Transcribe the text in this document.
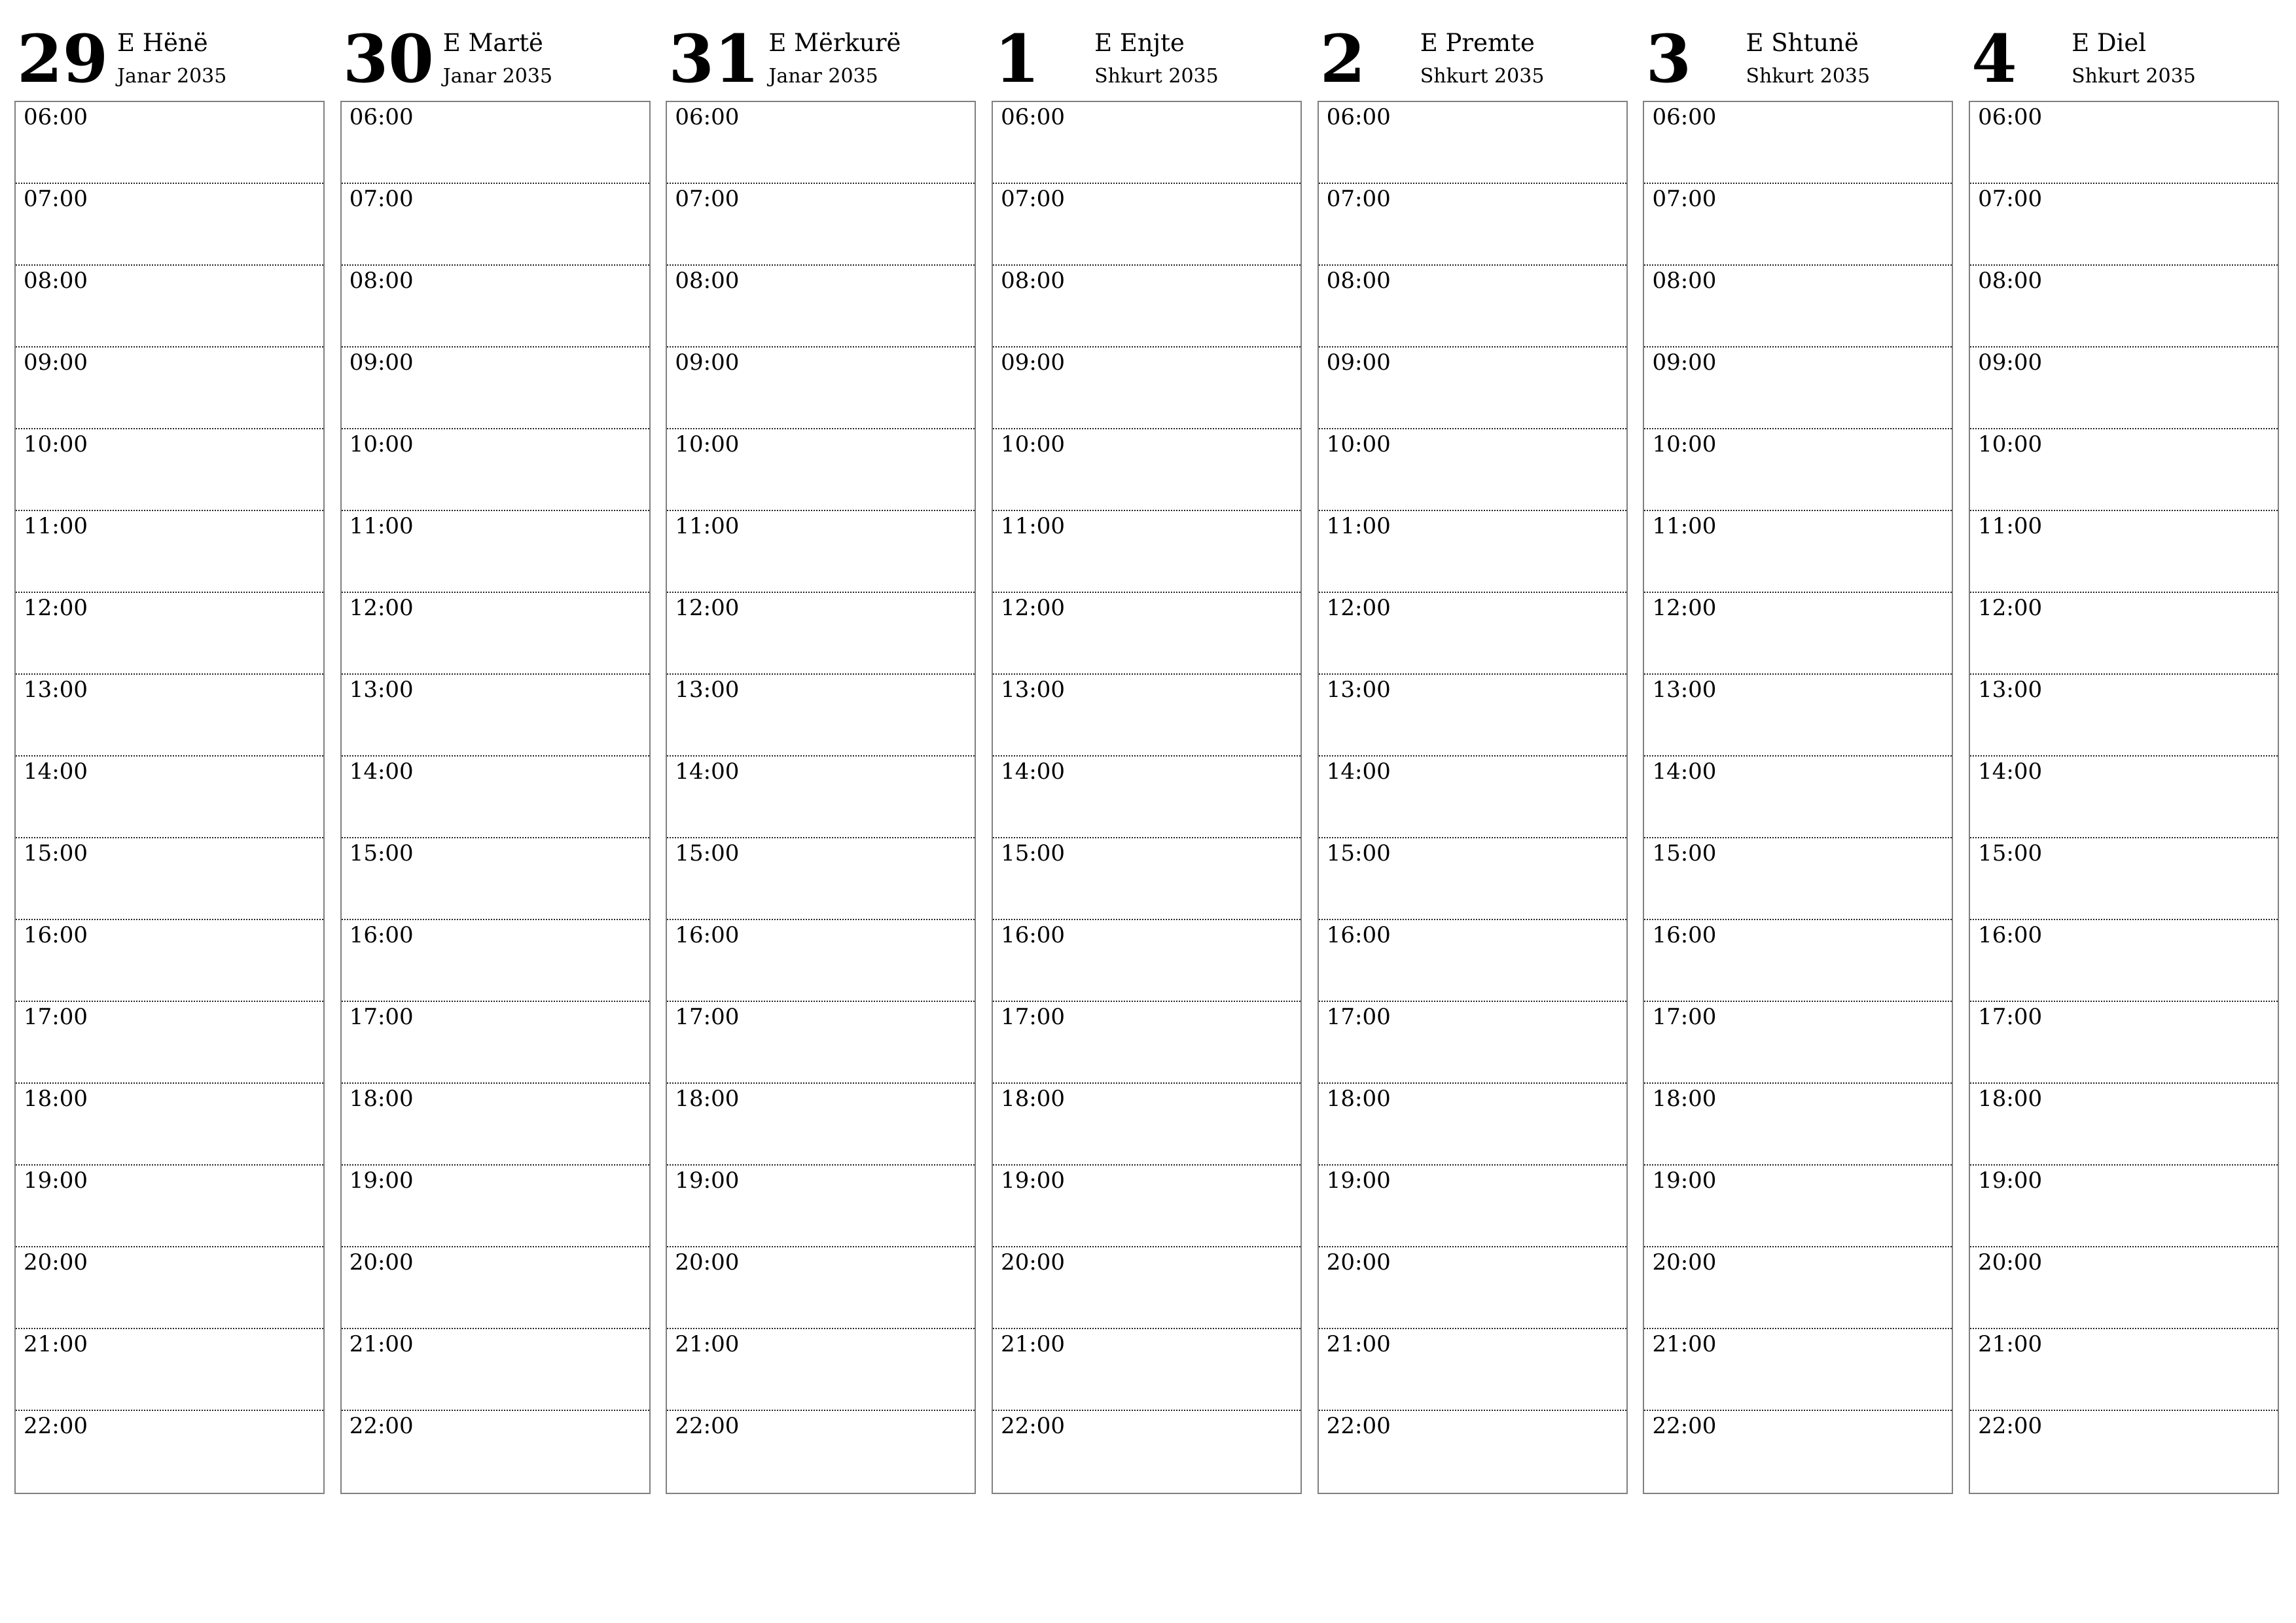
29 E Hënë
Janar 2035
06:00
07:00
08:00
09:00
10:00
11:00
12:00
13:00
14:00
15:00
16:00
17:00
18:00
19:00
20:00
21:00
22:00
30 E Martë
Janar 2035
06:00
07:00
08:00
09:00
10:00
11:00
12:00
13:00
14:00
15:00
16:00
17:00
18:00
19:00
20:00
21:00
22:00
31 E Mërkurë
Janar 2035
06:00
07:00
08:00
09:00
10:00
11:00
12:00
13:00
14:00
15:00
16:00
17:00
18:00
19:00
20:00
21:00
22:00
1 E Enjte
Shkurt 2035
06:00
07:00
08:00
09:00
10:00
11:00
12:00
13:00
14:00
15:00
16:00
17:00
18:00
19:00
20:00
21:00
22:00
2 E Premte
Shkurt 2035
06:00
07:00
08:00
09:00
10:00
11:00
12:00
13:00
14:00
15:00
16:00
17:00
18:00
19:00
20:00
21:00
22:00
3 E Shtunë
Shkurt 2035
06:00
07:00
08:00
09:00
10:00
11:00
12:00
13:00
14:00
15:00
16:00
17:00
18:00
19:00
20:00
21:00
22:00
4 E Diel
Shkurt 2035
06:00
07:00
08:00
09:00
10:00
11:00
12:00
13:00
14:00
15:00
16:00
17:00
18:00
19:00
20:00
21:00
22:00
